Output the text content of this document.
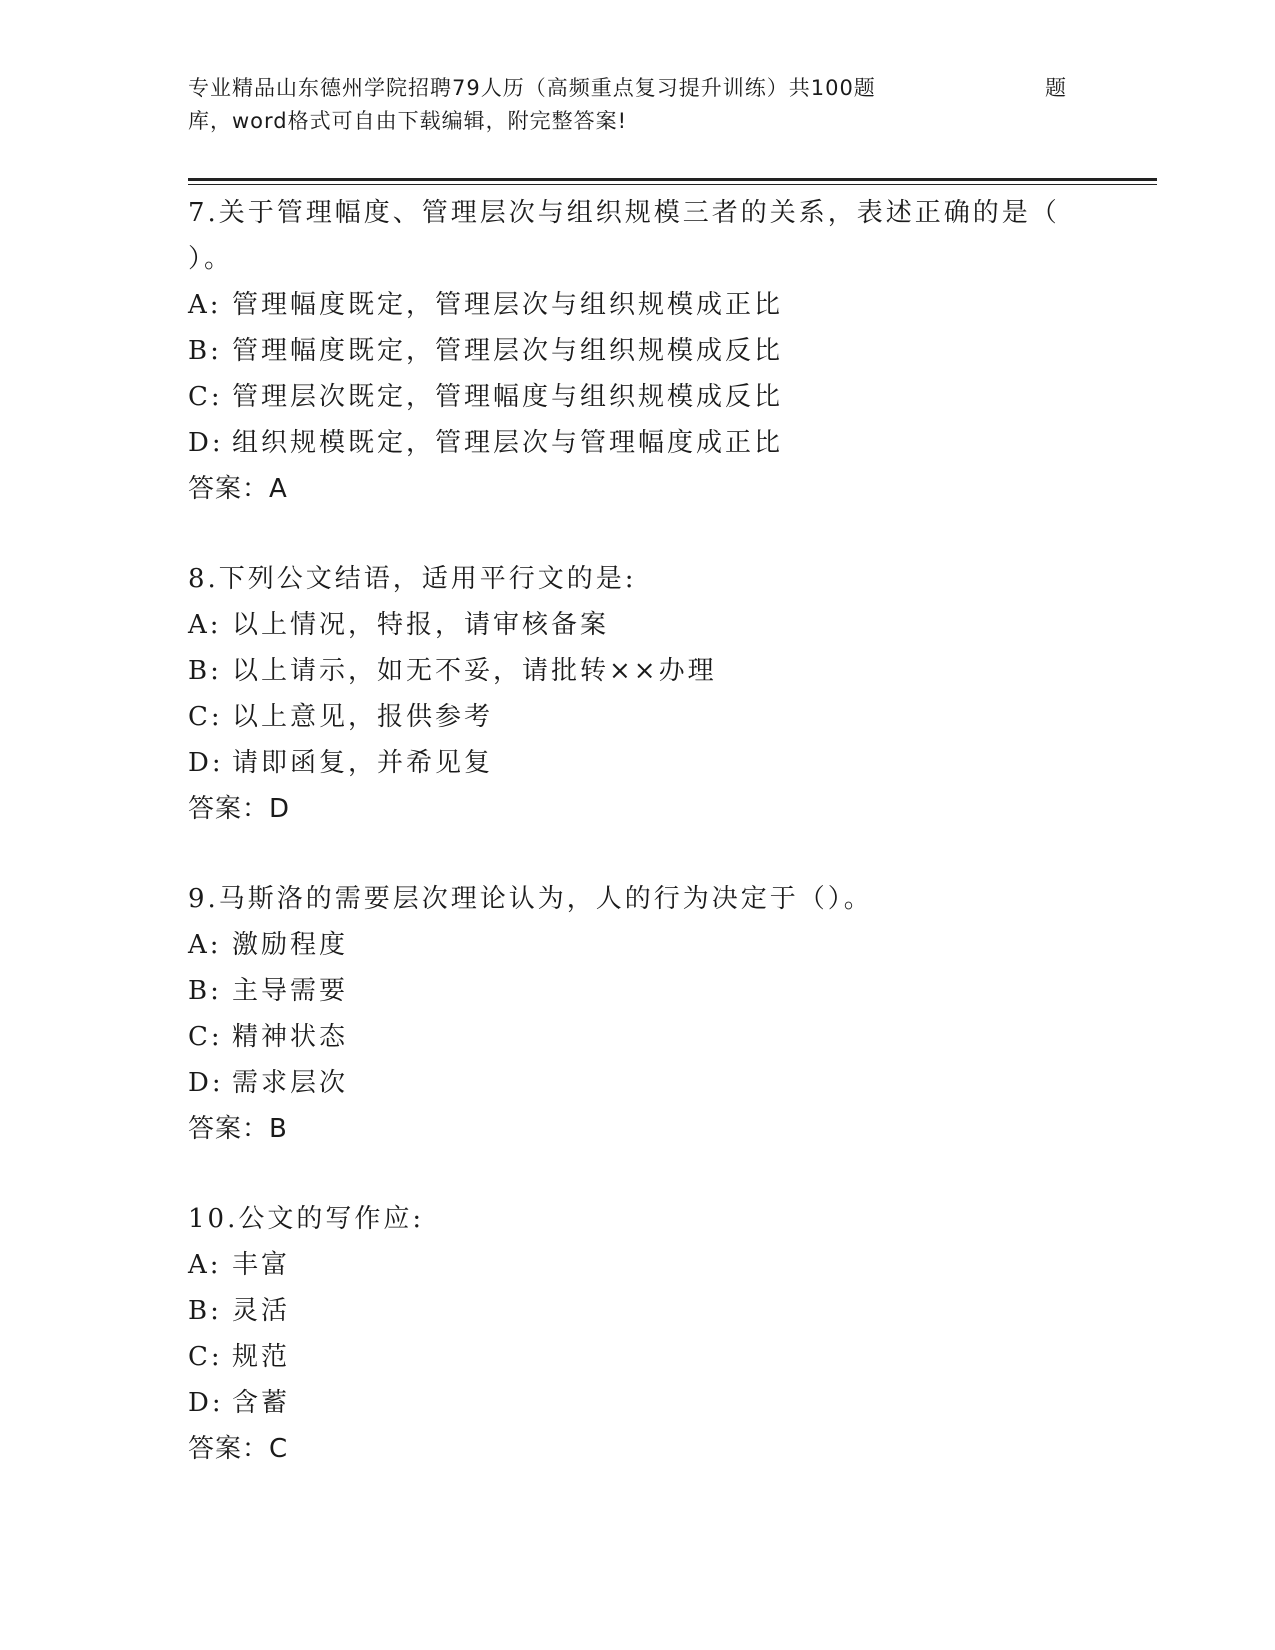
专业精品山东德州学院招聘79人历（高频重点复习提升训练）共100题
库，word格式可自由下载编辑，附完整答案!
题
7.关于管理幅度、管理层次与组织规模三者的关系，表述正确的是（ ）。
A: 管理幅度既定，管理层次与组织规模成正比
B: 管理幅度既定，管理层次与组织规模成反比
C: 管理层次既定，管理幅度与组织规模成反比
D: 组织规模既定，管理层次与管理幅度成正比
答案：A
8.下列公文结语，适用平行文的是:
A: 以上情况，特报，请审核备案
B: 以上请示，如无不妥，请批转××办理
C: 以上意见，报供参考
D: 请即函复，并希见复
答案：D
9.马斯洛的需要层次理论认为，人的行为决定于（）。
A: 激励程度
B: 主导需要
C: 精神状态
D: 需求层次
答案：B
10.公文的写作应:
A: 丰富
B: 灵活
C: 规范
D: 含蓄
答案：C
